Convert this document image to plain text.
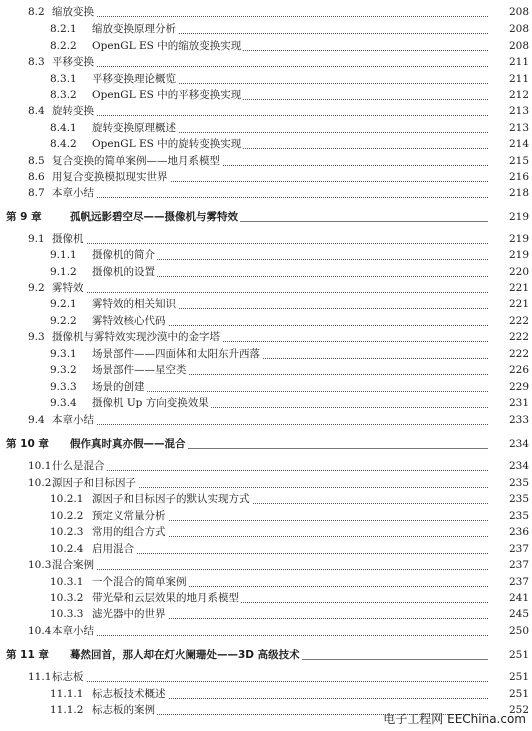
8.2 缩放变换	208
8.2.1 缩放变换原理分析	208
8.2.2 OpenGL ES 中的缩放变换实现	208
8.3 平移变换	211
8.3.1 平移变换理论概览	211
8.3.2 OpenGL ES 中的平移变换实现	212
8.4 旋转变换	213
8.4.1 旋转变换原理概述	213
8.4.2 OpenGL ES 中的旋转变换实现	214
8.5 复合变换的简单案例——地月系模型	215
8.6 用复合变换模拟现实世界	216
8.7 本章小结	218
第 9 章	孤帆远影碧空尽——摄像机与雾特效	219
9.1 摄像机	219
9.1.1 摄像机的简介	219
9.1.2 摄像机的设置	220
9.2 雾特效	221
9.2.1 雾特效的相关知识	221
9.2.2 雾特效核心代码	222
9.3 摄像机与雾特效实现沙漠中的金字塔	222
9.3.1 场景部件——四面体和太阳东升西落	222
9.3.2 场景部件——星空类	226
9.3.3 场景的创建	229
9.3.4 摄像机 Up 方向变换效果	231
9.4 本章小结	233
第 10 章 假作真时真亦假——混合	234
10.1 什么是混合	234
10.2 源因子和目标因子	235
10.2.1 源因子和目标因子的默认实现方式	235
10.2.2 预定义常量分析	235
10.2.3 常用的组合方式	236
10.2.4 启用混合	237
10.3 混合案例	237
10.3.1 一个混合的简单案例	237
10.3.2 带光晕和云层效果的地月系模型	241
10.3.3 滤光器中的世界	245
10.4 本章小结	250
第 11 章 蓦然回首，那人却在灯火阑珊处——3D 高级技术	251
11.1 标志板	251
11.1.1 标志板技术概述	251
11.1.2 标志板的案例	252
电子工程网 EEChina.com
